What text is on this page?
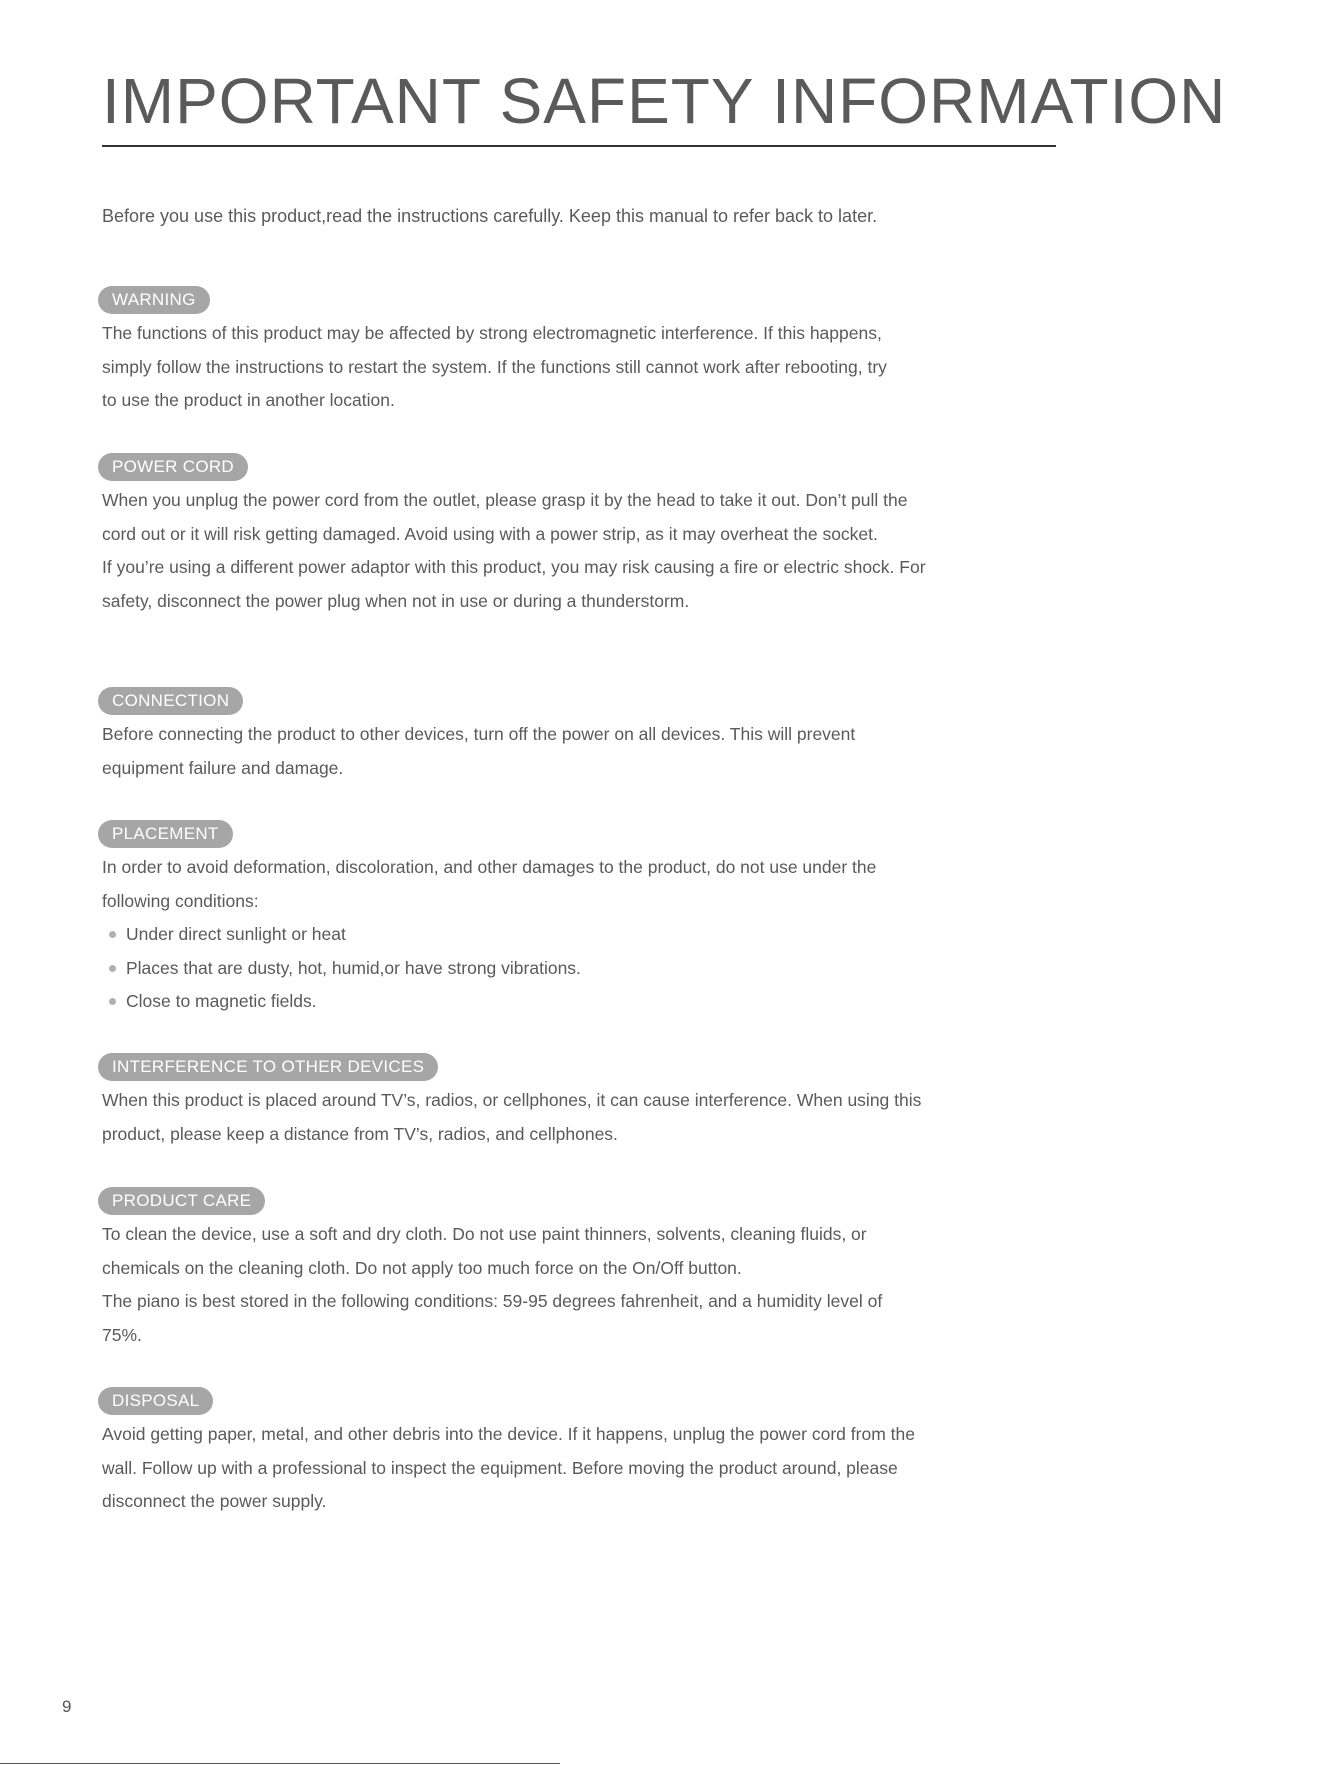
IMPORTANT SAFETY INFORMATION
Before you use this product,read the instructions carefully. Keep this manual to refer back to later.
WARNING

The functions of this product may be affected by strong electromagnetic interference. If this happens, simply follow the instructions to restart the system. If the functions still cannot work after rebooting, try to use the product in another location.

POWER CORD

When you unplug the power cord from the outlet, please grasp it by the head to take it out. Don’t pull the cord out or it will risk getting damaged. Avoid using with a power strip, as it may overheat the socket.

If you’re using a different power adaptor with this product, you may risk causing a fire or electric shock. For safety, disconnect the power plug when not in use or during a thunderstorm.

CONNECTION

Before connecting the product to other devices, turn off the power on all devices. This will prevent equipment failure and damage.

PLACEMENT

In order to avoid deformation, discoloration, and other damages to the product, do not use under the following conditions:

Under direct sunlight or heat
Places that are dusty, hot, humid,or have strong vibrations.
Close to magnetic fields.
INTERFERENCE TO OTHER DEVICES

When this product is placed around TV’s, radios, or cellphones, it can cause interference. When using this product, please keep a distance from TV’s, radios, and cellphones.

PRODUCT CARE

To clean the device, use a soft and dry cloth. Do not use paint thinners, solvents, cleaning fluids, or chemicals on the cleaning cloth. Do not apply too much force on the On/Off button.

The piano is best stored in the following conditions: 59-95 degrees fahrenheit, and a humidity level of 75%.

DISPOSAL

Avoid getting paper, metal, and other debris into the device. If it happens, unplug the power cord from the wall. Follow up with a professional to inspect the equipment. Before moving the product around, please disconnect the power supply.

9
